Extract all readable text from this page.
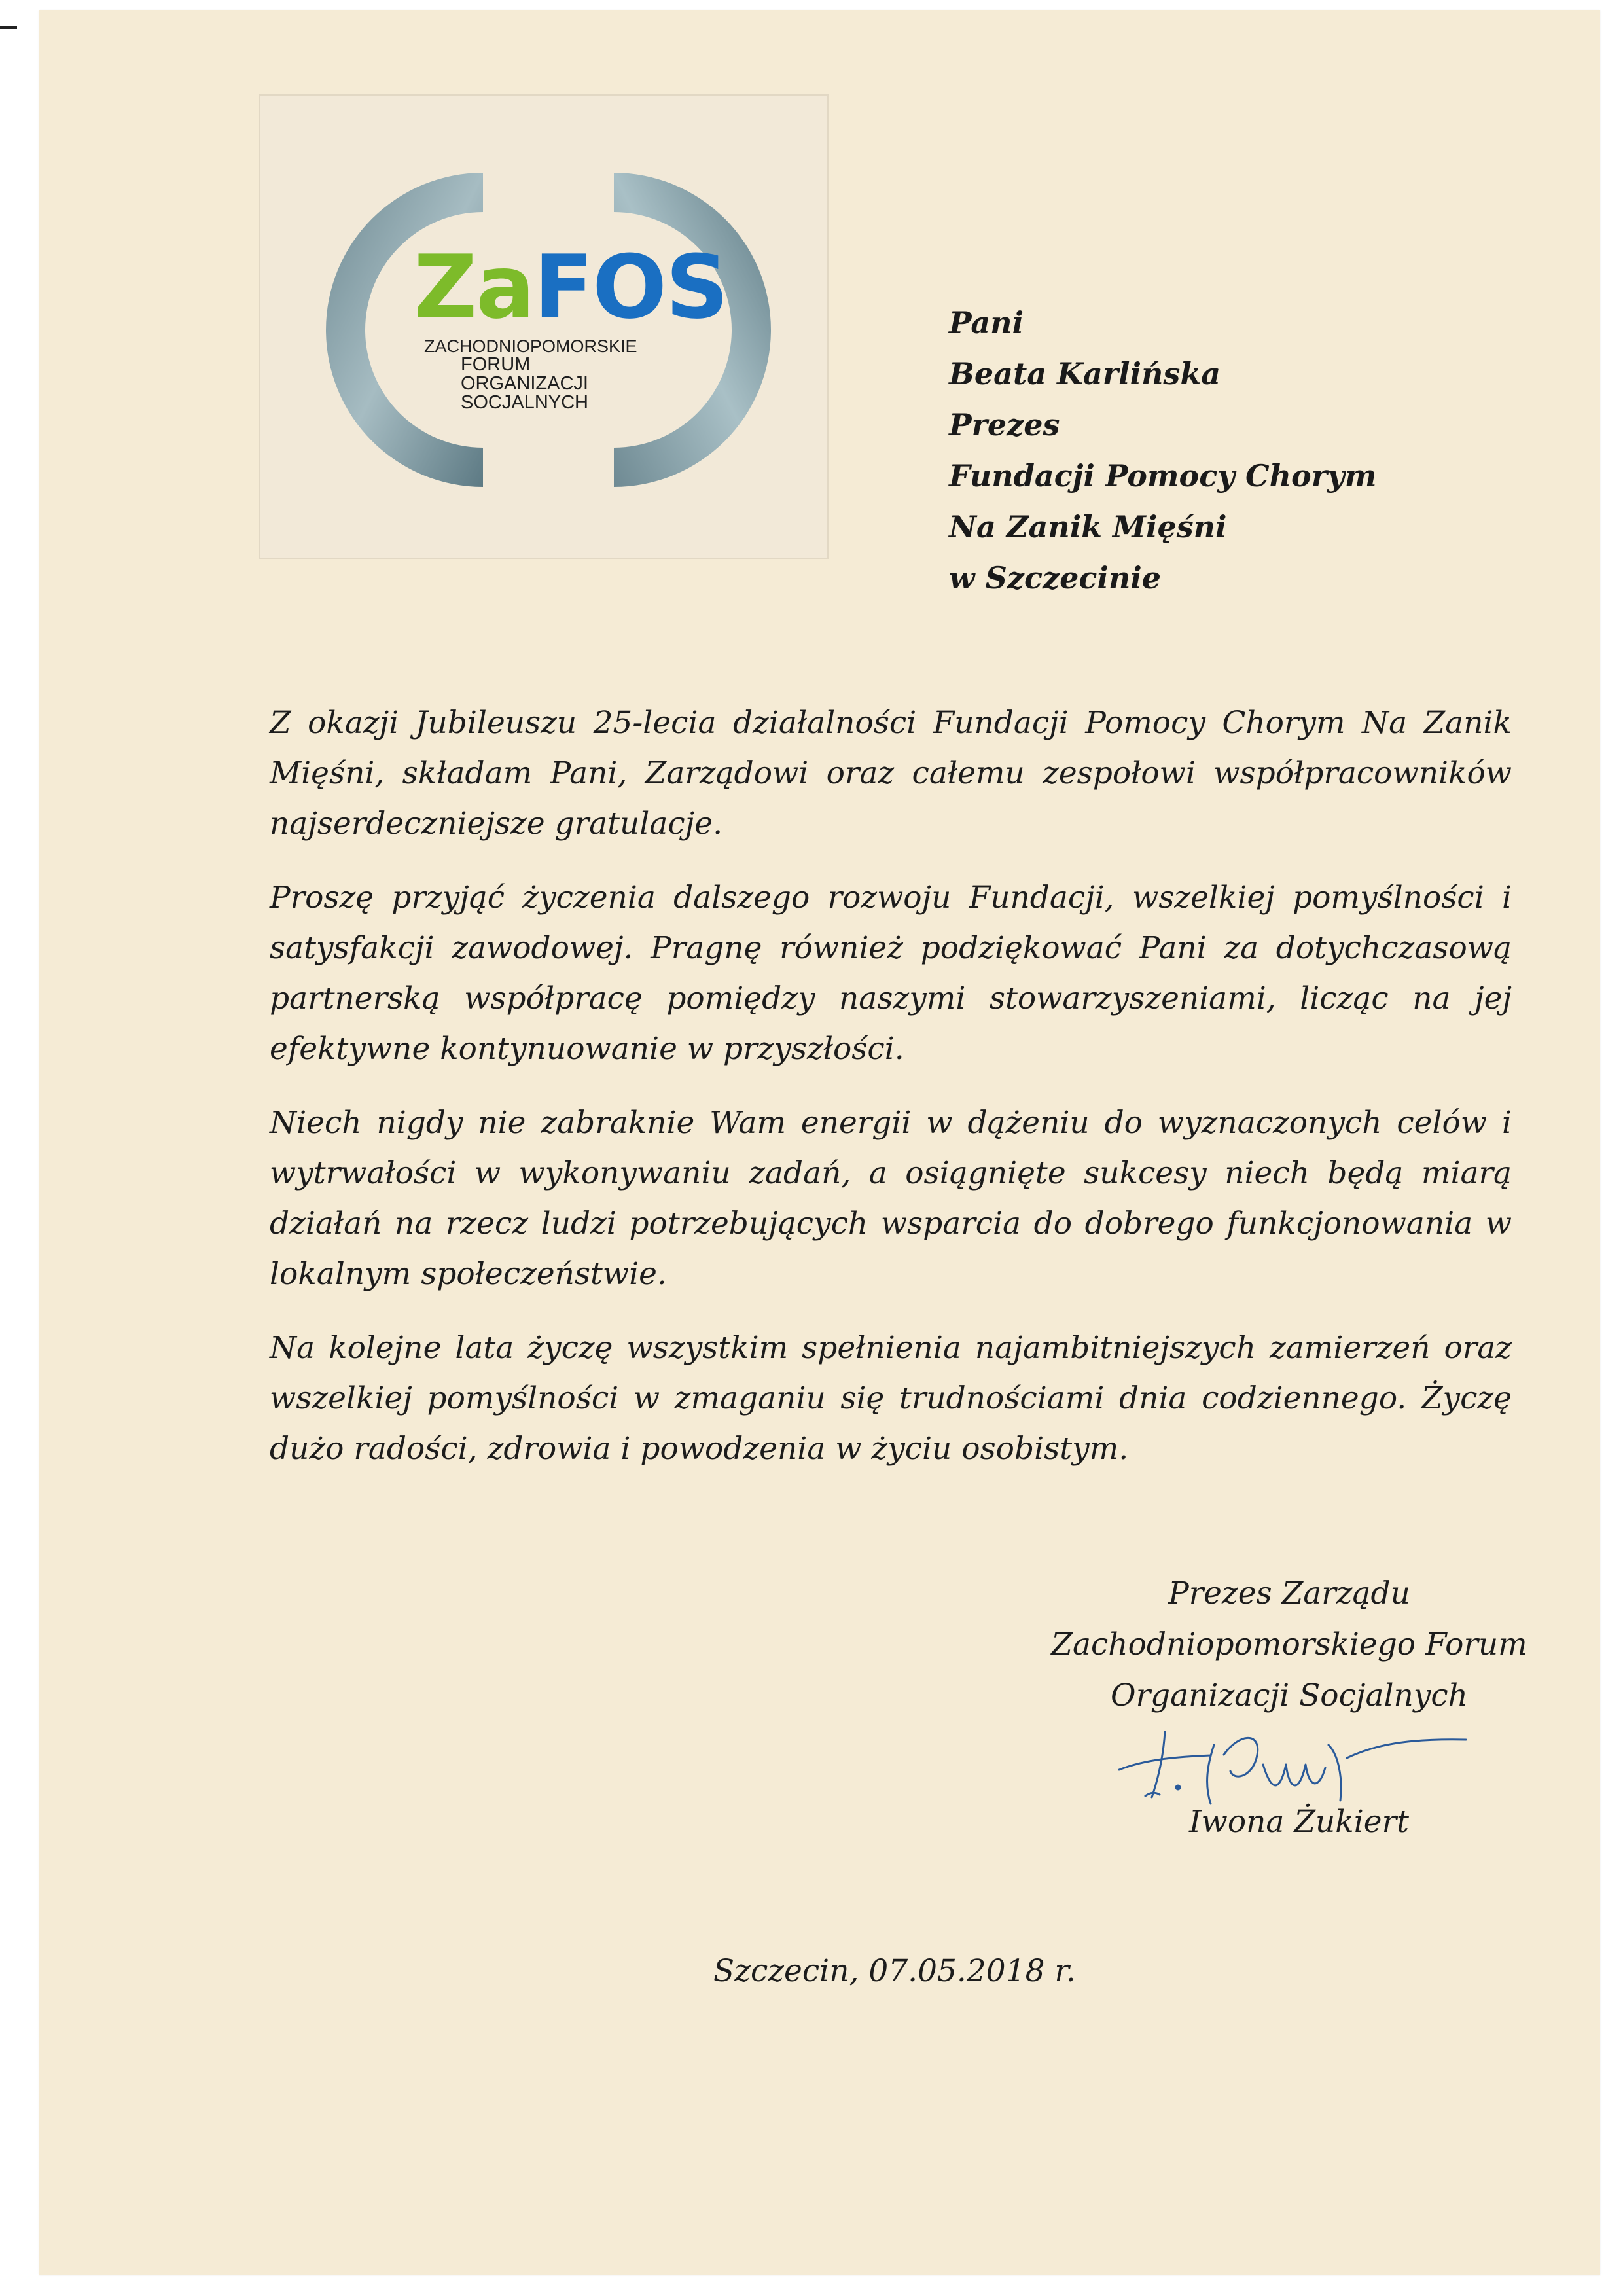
Za FOS
ZACHODNIOPOMORSKIE
FORUM
ORGANIZACJI
SOCJALNYCH
Pani
Beata Karlińska
Prezes
Fundacji Pomocy Chorym
Na Zanik Mięśni
w Szczecinie

Z okazji Jubileuszu 25-lecia działalności Fundacji Pomocy Chorym Na Zanik Mięśni, składam Pani, Zarządowi oraz całemu zespołowi współpracowników najserdeczniejsze gratulacje.

Proszę przyjąć życzenia dalszego rozwoju Fundacji, wszelkiej pomyślności i satysfakcji zawodowej. Pragnę również podziękować Pani za dotychczasową partnerską współpracę pomiędzy naszymi stowarzyszeniami, licząc na jej efektywne kontynuowanie w przyszłości.

Niech nigdy nie zabraknie Wam energii w dążeniu do wyznaczonych celów i wytrwałości w wykonywaniu zadań, a osiągnięte sukcesy niech będą miarą działań na rzecz ludzi potrzebujących wsparcia do dobrego funkcjonowania w lokalnym społeczeństwie.

Na kolejne lata życzę wszystkim spełnienia najambitniejszych zamierzeń oraz wszelkiej pomyślności w zmaganiu się trudnościami dnia codziennego. Życzę dużo radości, zdrowia i powodzenia w życiu osobistym.

Prezes Zarządu
Zachodniopomorskiego Forum
Organizacji Socjalnych
Iwona Żukiert
Szczecin, 07.05.2018 r.
